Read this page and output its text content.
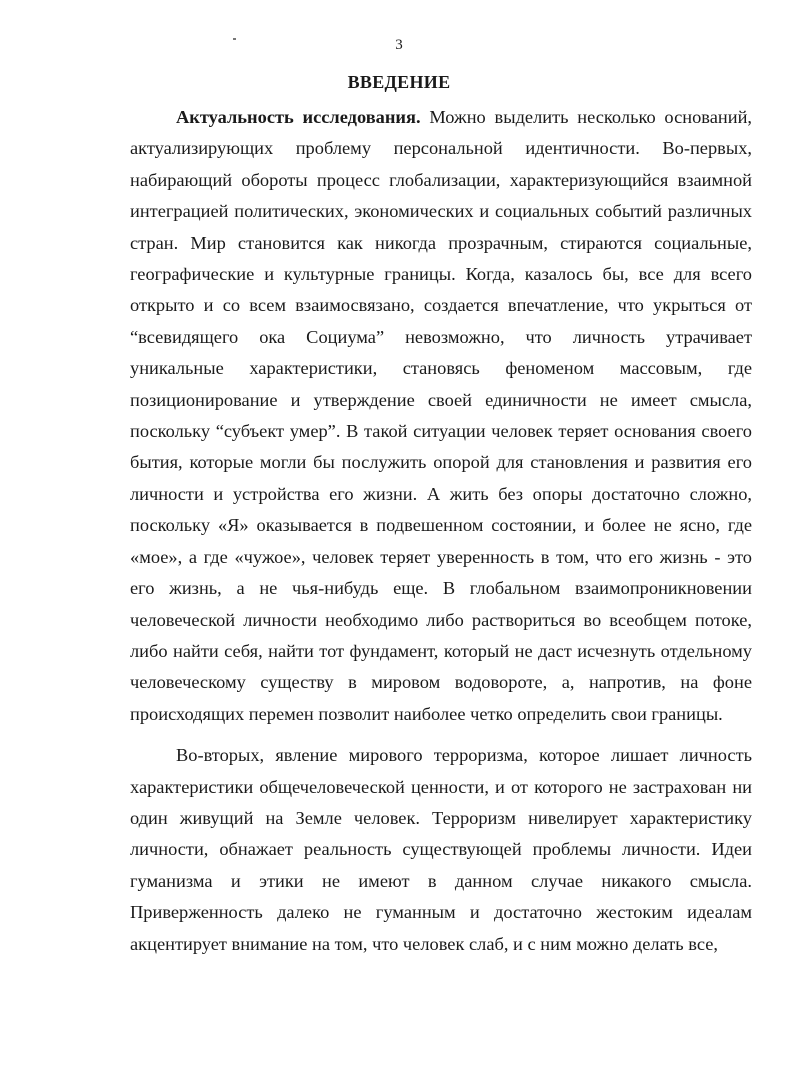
3
ВВЕДЕНИЕ

Актуальность исследования. Можно выделить несколько оснований, актуализирующих проблему персональной идентичности. Во-первых, набирающий обороты процесс глобализации, характеризующийся взаимной интеграцией политических, экономических и социальных событий различных стран. Мир становится как никогда прозрачным, стираются социальные, географические и культурные границы. Когда, казалось бы, все для всего открыто и со всем взаимосвязано, создается впечатление, что укрыться от “всевидящего ока Социума” невозможно, что личность утрачивает уникальные характеристики, становясь феноменом массовым, где позиционирование и утверждение своей единичности не имеет смысла, поскольку “субъект умер”. В такой ситуации человек теряет основания своего бытия, которые могли бы послужить опорой для становления и развития его личности и устройства его жизни. А жить без опоры достаточно сложно, поскольку «Я» оказывается в подвешенном состоянии, и более не ясно, где «мое», а где «чужое», человек теряет уверенность в том, что его жизнь - это его жизнь, а не чья-нибудь еще. В глобальном взаимопроникновении человеческой личности необходимо либо раствориться во всеобщем потоке, либо найти себя, найти тот фундамент, который не даст исчезнуть отдельному человеческому существу в мировом водовороте, а, напротив, на фоне происходящих перемен позволит наиболее четко определить свои границы.

Во-вторых, явление мирового терроризма, которое лишает личность характеристики общечеловеческой ценности, и от которого не застрахован ни один живущий на Земле человек. Терроризм нивелирует характеристику личности, обнажает реальность существующей проблемы личности. Идеи гуманизма и этики не имеют в данном случае никакого смысла. Приверженность далеко не гуманным и достаточно жестоким идеалам акцентирует внимание на том, что человек слаб, и с ним можно делать все,
